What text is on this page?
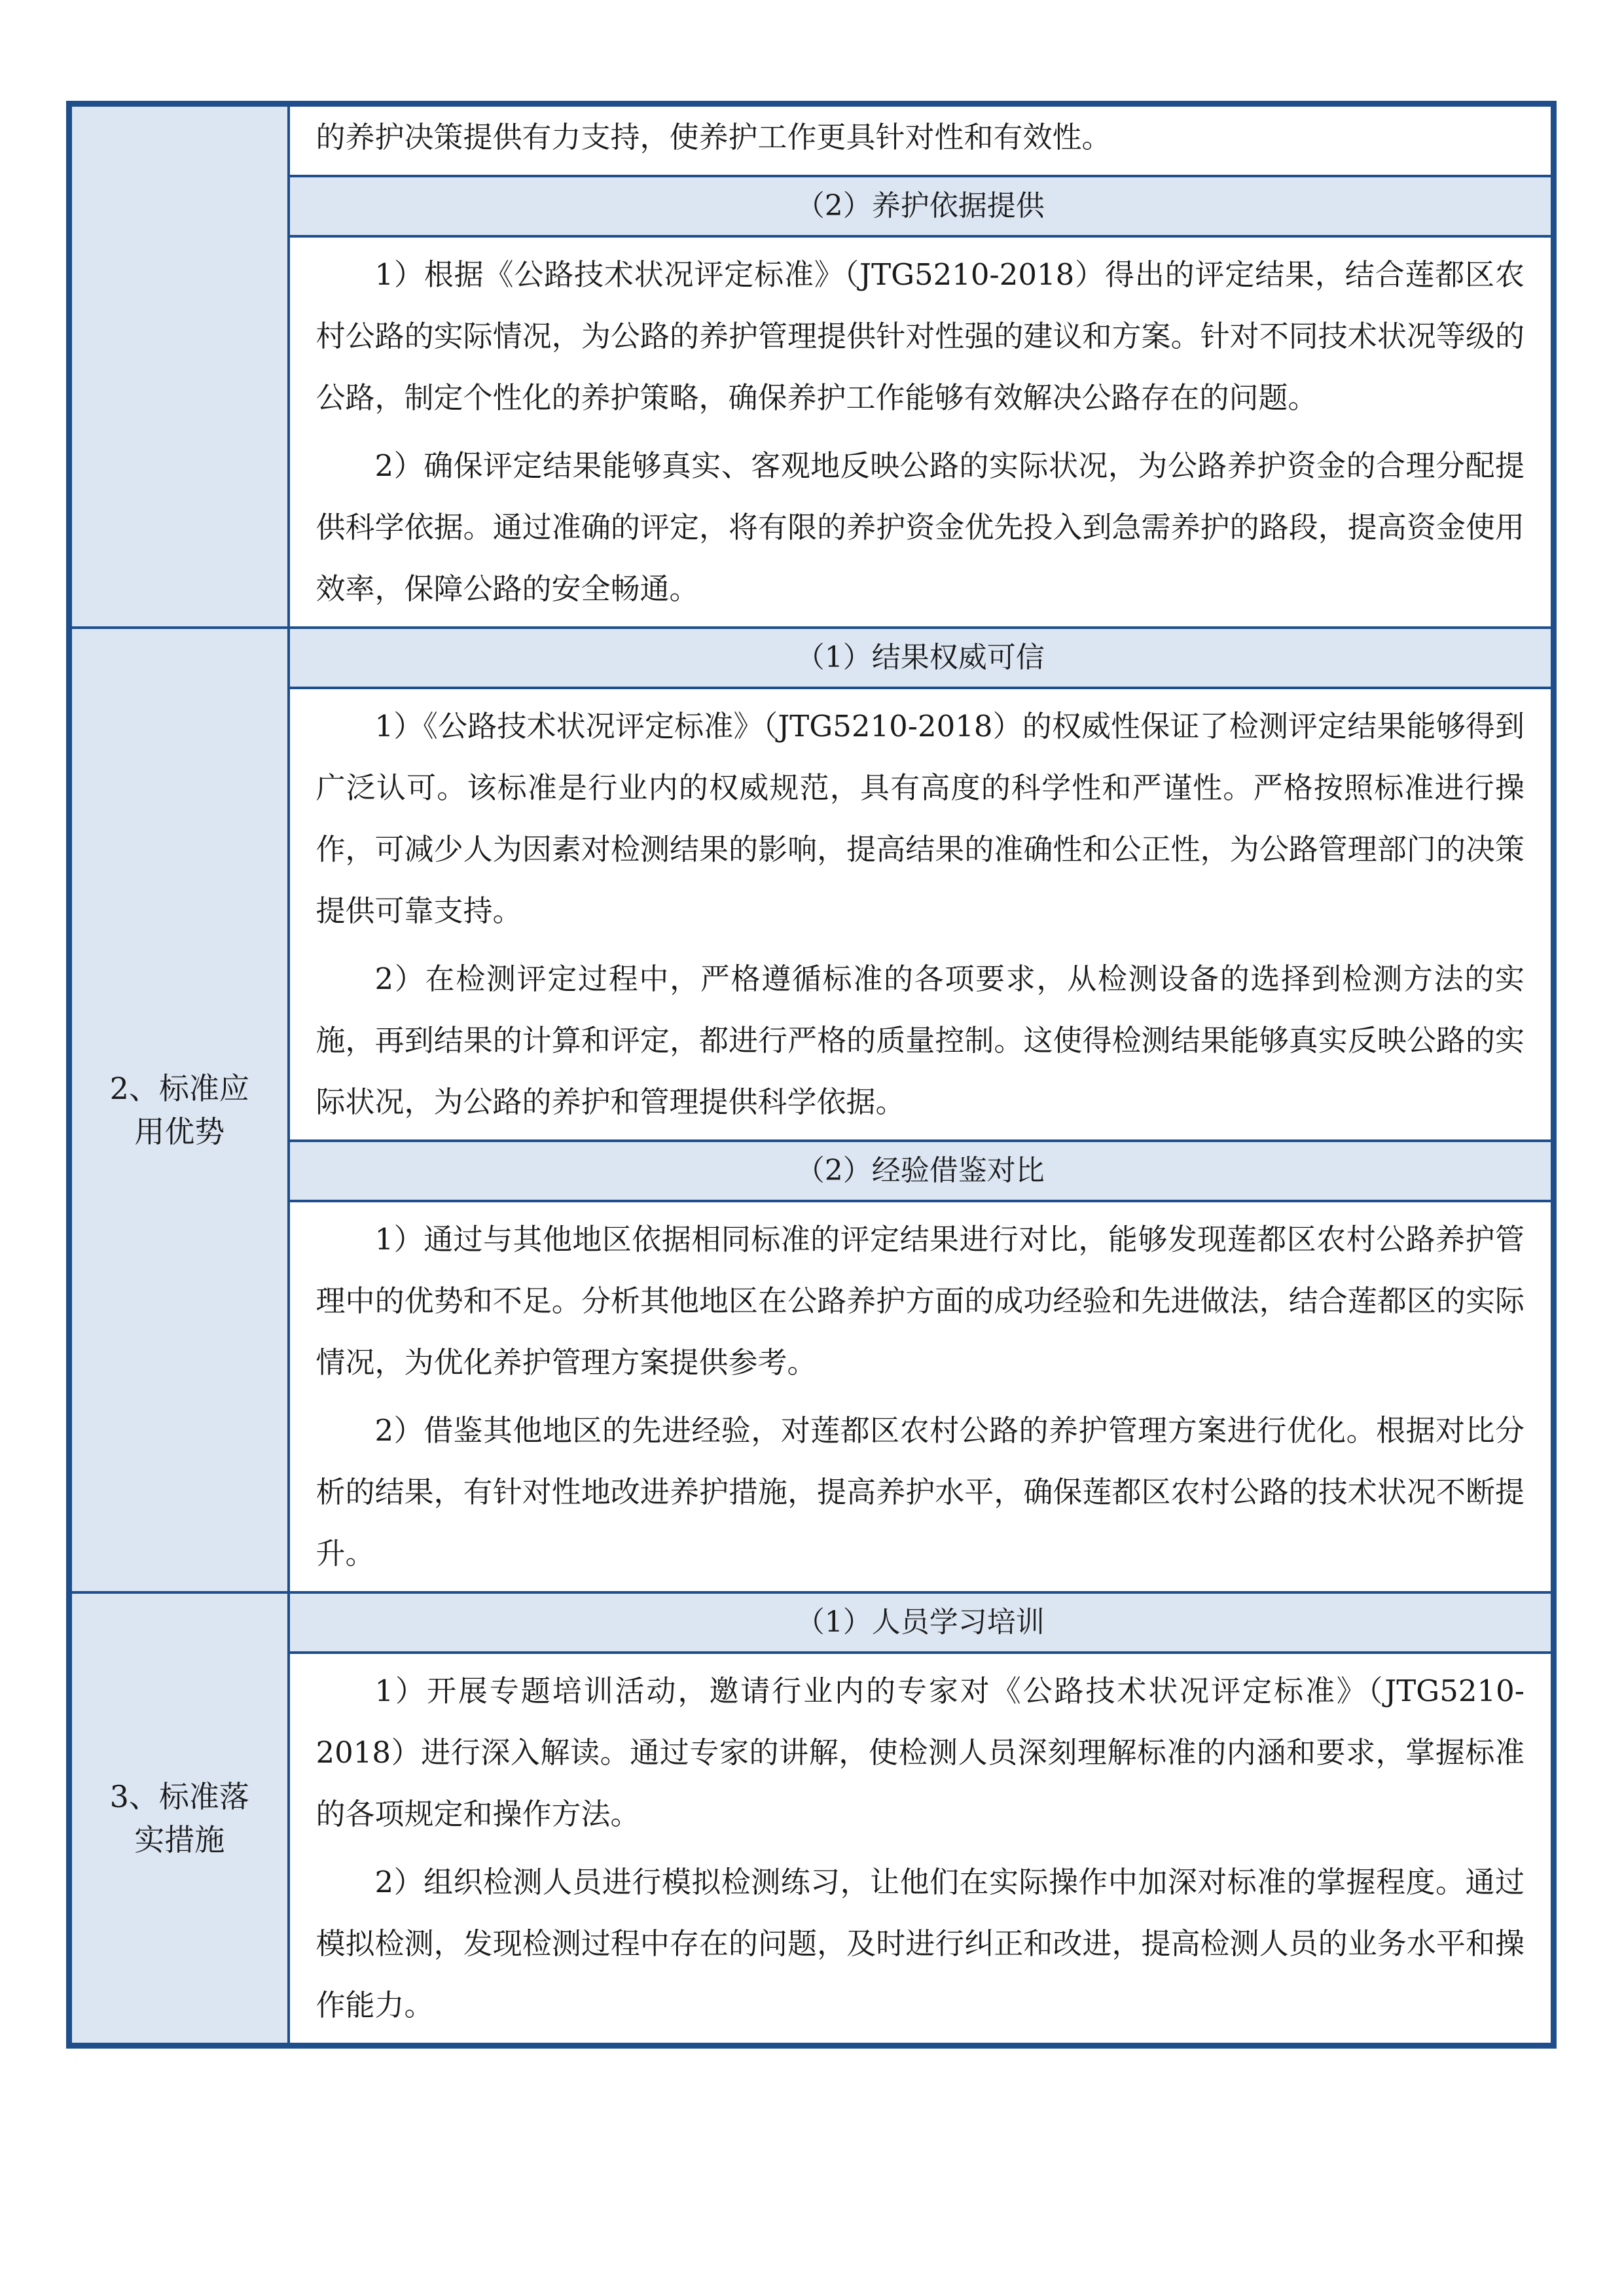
	的养护决策提供有力支持，使养护工作更具针对性和有效性。

	（2）养护依据提供

	1）根据《公路技术状况评定标准》（JTG5210-2018）得出的评定结果，结合莲都区农村公路的实际情况，为公路的养护管理提供针对性强的建议和方案。针对不同技术状况等级的公路，制定个性化的养护策略，确保养护工作能够有效解决公路存在的问题。

2）确保评定结果能够真实、客观地反映公路的实际状况，为公路养护资金的合理分配提供科学依据。通过准确的评定，将有限的养护资金优先投入到急需养护的路段，提高资金使用效率，保障公路的安全畅通。

2、标准应用优势	（1）结果权威可信

	1）《公路技术状况评定标准》（JTG5210-2018）的权威性保证了检测评定结果能够得到广泛认可。该标准是行业内的权威规范，具有高度的科学性和严谨性。严格按照标准进行操作，可减少人为因素对检测结果的影响，提高结果的准确性和公正性，为公路管理部门的决策提供可靠支持。

2）在检测评定过程中，严格遵循标准的各项要求，从检测设备的选择到检测方法的实施，再到结果的计算和评定，都进行严格的质量控制。这使得检测结果能够真实反映公路的实际状况，为公路的养护和管理提供科学依据。

	（2）经验借鉴对比

	1）通过与其他地区依据相同标准的评定结果进行对比，能够发现莲都区农村公路养护管理中的优势和不足。分析其他地区在公路养护方面的成功经验和先进做法，结合莲都区的实际情况，为优化养护管理方案提供参考。

2）借鉴其他地区的先进经验，对莲都区农村公路的养护管理方案进行优化。根据对比分析的结果，有针对性地改进养护措施，提高养护水平，确保莲都区农村公路的技术状况不断提升。

3、标准落实措施	（1）人员学习培训

	1）开展专题培训活动，邀请行业内的专家对《公路技术状况评定标准》（JTG5210-2018）进行深入解读。通过专家的讲解，使检测人员深刻理解标准的内涵和要求，掌握标准的各项规定和操作方法。

2）组织检测人员进行模拟检测练习，让他们在实际操作中加深对标准的掌握程度。通过模拟检测，发现检测过程中存在的问题，及时进行纠正和改进，提高检测人员的业务水平和操作能力。
